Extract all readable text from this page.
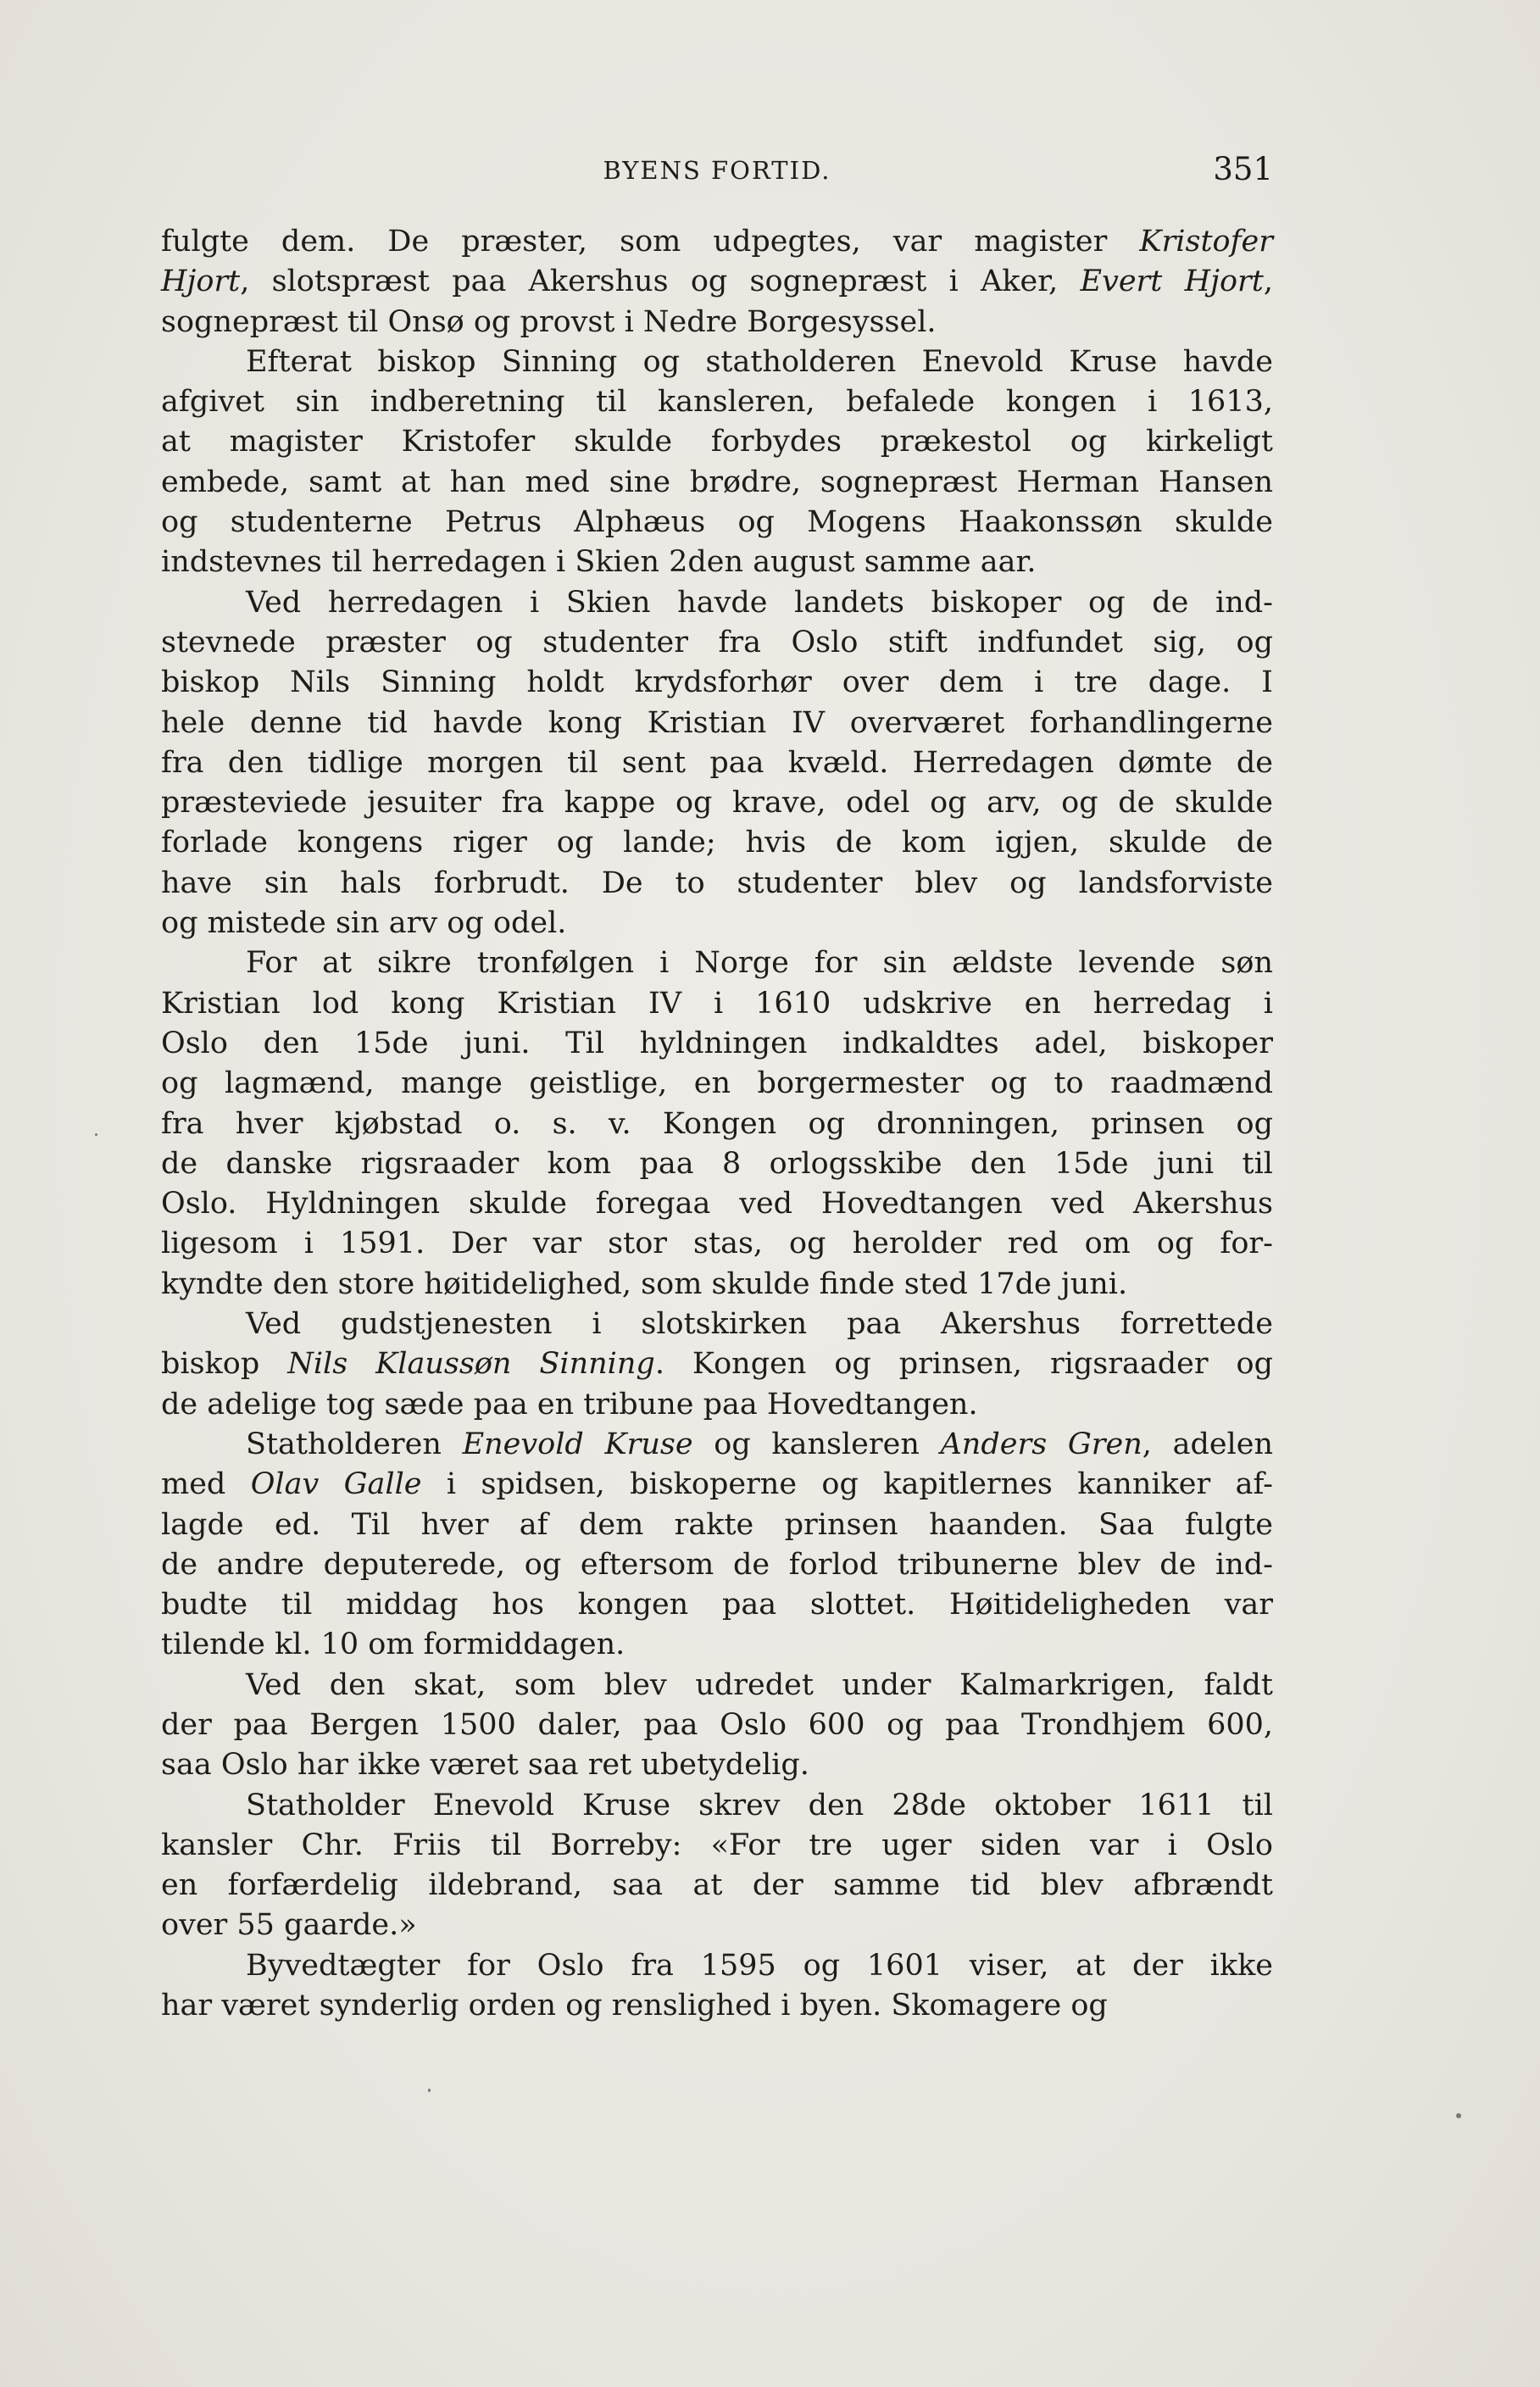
BYENS FORTID.	351
fulgte dem. De præster, som udpegtes, var magister Kristofer
Hjort, slotspræst paa Akershus og sognepræst i Aker, Evert Hjort,
sognepræst til Onsø og provst i Nedre Borgesyssel.
Efterat biskop Sinning og statholderen Enevold Kruse havde
afgivet sin indberetning til kansleren, befalede kongen i 1613,
at magister Kristofer skulde forbydes prækestol og kirkeligt
embede, samt at han med sine brødre, sognepræst Herman Hansen
og studenterne Petrus Alphæus og Mogens Haakonssøn skulde
indstevnes til herredagen i Skien 2den august samme aar.
Ved herredagen i Skien havde landets biskoper og de ind-
stevnede præster og studenter fra Oslo stift indfundet sig, og
biskop Nils Sinning holdt krydsforhør over dem i tre dage. I
hele denne tid havde kong Kristian IV overværet forhandlingerne
fra den tidlige morgen til sent paa kvæld. Herredagen dømte de
præsteviede jesuiter fra kappe og krave, odel og arv, og de skulde
forlade kongens riger og lande; hvis de kom igjen, skulde de
have sin hals forbrudt. De to studenter blev og landsforviste
og mistede sin arv og odel.
For at sikre tronfølgen i Norge for sin ældste levende søn
Kristian lod kong Kristian IV i 1610 udskrive en herredag i
Oslo den 15de juni. Til hyldningen indkaldtes adel, biskoper
og lagmænd, mange geistlige, en borgermester og to raadmænd
fra hver kjøbstad o. s. v. Kongen og dronningen, prinsen og
de danske rigsraader kom paa 8 orlogsskibe den 15de juni til
Oslo. Hyldningen skulde foregaa ved Hovedtangen ved Akershus
ligesom i 1591. Der var stor stas, og herolder red om og for-
kyndte den store høitidelighed, som skulde finde sted 17de juni.
Ved gudstjenesten i slotskirken paa Akershus forrettede
biskop Nils Klaussøn Sinning. Kongen og prinsen, rigsraader og
de adelige tog sæde paa en tribune paa Hovedtangen.
Statholderen Enevold Kruse og kansleren Anders Gren, adelen
med Olav Galle i spidsen, biskoperne og kapitlernes kanniker af-
lagde ed. Til hver af dem rakte prinsen haanden. Saa fulgte
de andre deputerede, og eftersom de forlod tribunerne blev de ind-
budte til middag hos kongen paa slottet. Høitideligheden var
tilende kl. 10 om formiddagen.
Ved den skat, som blev udredet under Kalmarkrigen, faldt
der paa Bergen 1500 daler, paa Oslo 600 og paa Trondhjem 600,
saa Oslo har ikke været saa ret ubetydelig.
Statholder Enevold Kruse skrev den 28de oktober 1611 til
kansler Chr. Friis til Borreby: «For tre uger siden var i Oslo
en forfærdelig ildebrand, saa at der samme tid blev afbrændt
over 55 gaarde.»
Byvedtægter for Oslo fra 1595 og 1601 viser, at der ikke
har været synderlig orden og renslighed i byen. Skomagere og
